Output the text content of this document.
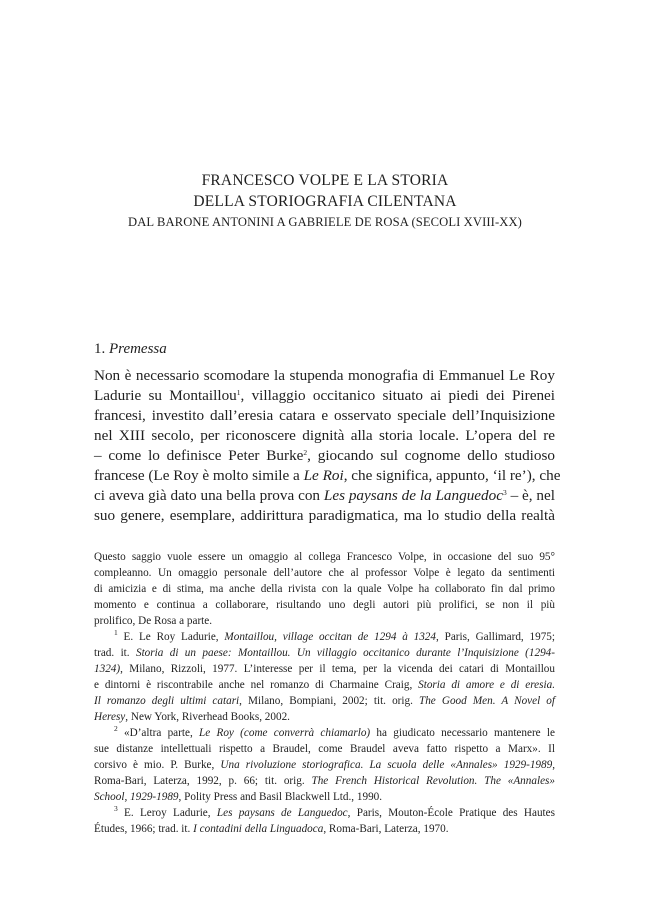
FRANCESCO VOLPE E LA STORIA
DELLA STORIOGRAFIA CILENTANA
DAL BARONE ANTONINI A GABRIELE DE ROSA (SECOLI XVIII-XX)
1. Premessa
Non è necessario scomodare la stupenda monografia di Emmanuel Le Roy
Ladurie su Montaillou$^1$, villaggio occitanico situato ai piedi dei Pirenei
francesi, investito dall’eresia catara e osservato speciale dell’Inquisizione
nel XIII secolo, per riconoscere dignità alla storia locale. L’opera del re
– come lo definisce Peter Burke$^2$, giocando sul cognome dello studioso
francese (Le Roy è molto simile a Le Roi, che significa, appunto, ‘il re’), che
ci aveva già dato una bella prova con Les paysans de la Languedoc$^3$ – è, nel
suo genere, esemplare, addirittura paradigmatica, ma lo studio della realtà
Questo saggio vuole essere un omaggio al collega Francesco Volpe, in occasione del suo 95°
compleanno. Un omaggio personale dell’autore che al professor Volpe è legato da sentimenti
di amicizia e di stima, ma anche della rivista con la quale Volpe ha collaborato fin dal primo
momento e continua a collaborare, risultando uno degli autori più prolifici, se non il più
prolifico, De Rosa a parte.
$^1$ E. Le Roy Ladurie, Montaillou, village occitan de 1294 à 1324, Paris, Gallimard, 1975;
trad. it. Storia di un paese: Montaillou. Un villaggio occitanico durante l’Inquisizione (1294-
1324), Milano, Rizzoli, 1977. L’interesse per il tema, per la vicenda dei catari di Montaillou
e dintorni è riscontrabile anche nel romanzo di Charmaine Craig, Storia di amore e di eresia.
Il romanzo degli ultimi catari, Milano, Bompiani, 2002; tit. orig. The Good Men. A Novel of
Heresy, New York, Riverhead Books, 2002.
$^2$ «D’altra parte, Le Roy (come converrà chiamarlo) ha giudicato necessario mantenere le
sue distanze intellettuali rispetto a Braudel, come Braudel aveva fatto rispetto a Marx». Il
corsivo è mio. P. Burke, Una rivoluzione storiografica. La scuola delle «Annales» 1929-1989,
Roma-Bari, Laterza, 1992, p. 66; tit. orig. The French Historical Revolution. The «Annales»
School, 1929-1989, Polity Press and Basil Blackwell Ltd., 1990.
$^3$ E. Leroy Ladurie, Les paysans de Languedoc, Paris, Mouton-École Pratique des Hautes
Études, 1966; trad. it. I contadini della Linguadoca, Roma-Bari, Laterza, 1970.
